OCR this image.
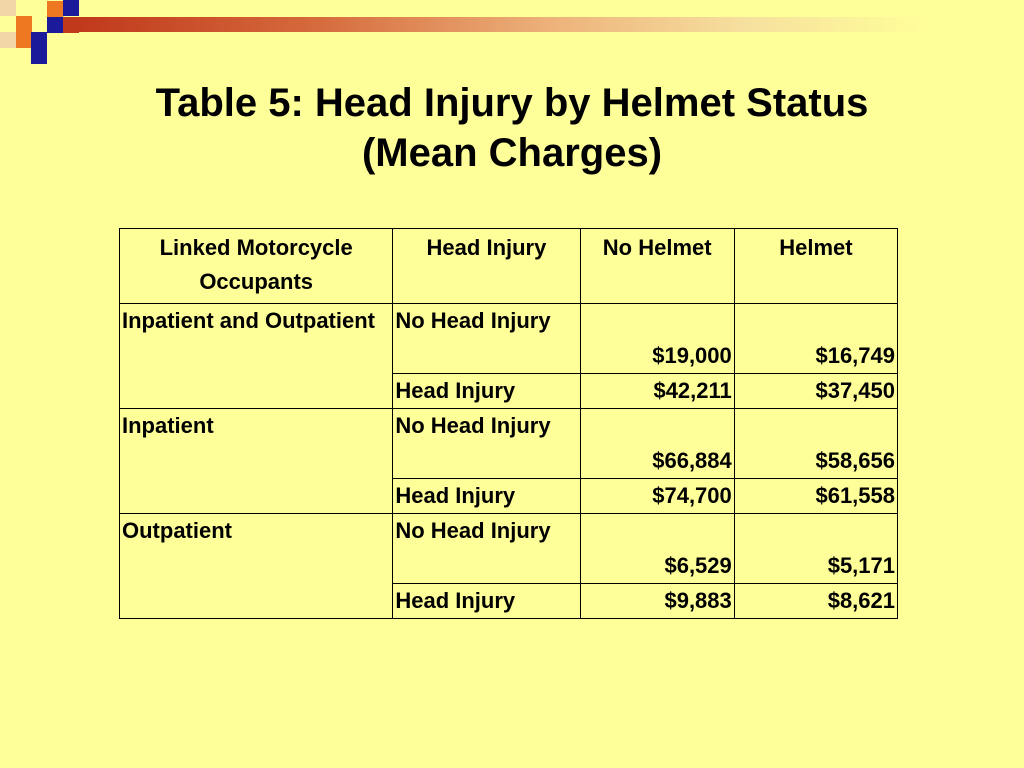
Table 5: Head Injury by Helmet Status
(Mean Charges)
Linked Motorcycle Occupants	Head Injury	No Helmet	Helmet
Inpatient and Outpatient	No Head Injury	$19,000	$16,749
	Head Injury	$42,211	$37,450
Inpatient	No Head Injury	$66,884	$58,656
	Head Injury	$74,700	$61,558
Outpatient	No Head Injury	$6,529	$5,171
	Head Injury	$9,883	$8,621
